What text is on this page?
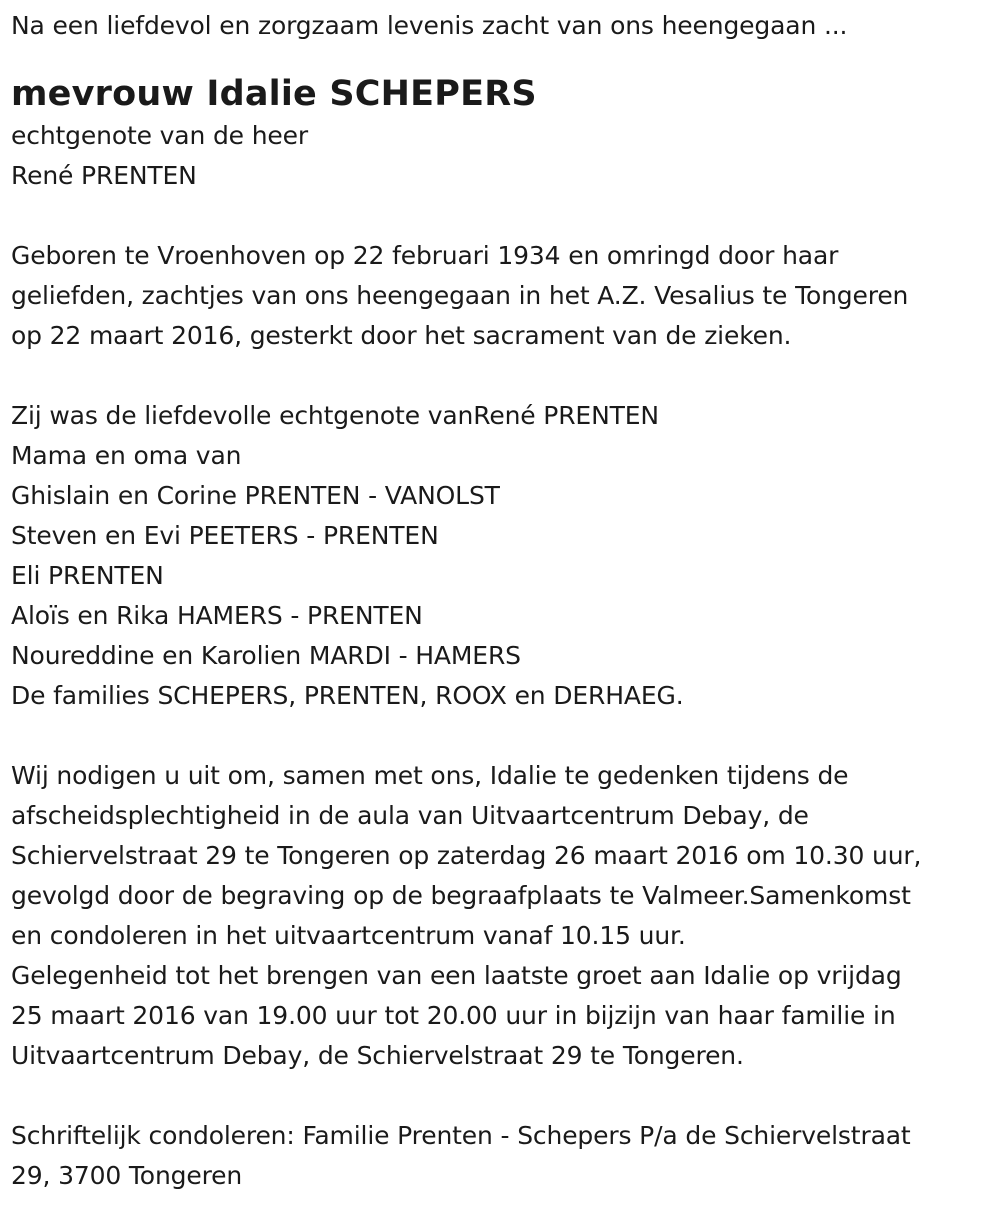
Na een liefdevol en zorgzaam levenis zacht van ons heengegaan ...

mevrouw Idalie SCHEPERS
echtgenote van de heer
René PRENTEN
Geboren te Vroenhoven op 22 februari 1934 en omringd door haar
geliefden, zachtjes van ons heengegaan in het A.Z. Vesalius te Tongeren
op 22 maart 2016, gesterkt door het sacrament van de zieken.
Zij was de liefdevolle echtgenote vanRené PRENTEN
Mama en oma van
Ghislain en Corine PRENTEN - VANOLST
Steven en Evi PEETERS - PRENTEN
Eli PRENTEN
Aloïs en Rika HAMERS - PRENTEN
Noureddine en Karolien MARDI - HAMERS
De families SCHEPERS, PRENTEN, ROOX en DERHAEG.
Wij nodigen u uit om, samen met ons, Idalie te gedenken tijdens de
afscheidsplechtigheid in de aula van Uitvaartcentrum Debay, de
Schiervelstraat 29 te Tongeren op zaterdag 26 maart 2016 om 10.30 uur,
gevolgd door de begraving op de begraafplaats te Valmeer.Samenkomst
en condoleren in het uitvaartcentrum vanaf 10.15 uur.
Gelegenheid tot het brengen van een laatste groet aan Idalie op vrijdag
25 maart 2016 van 19.00 uur tot 20.00 uur in bijzijn van haar familie in
Uitvaartcentrum Debay, de Schiervelstraat 29 te Tongeren.
Schriftelijk condoleren: Familie Prenten - Schepers P/a de Schiervelstraat
29, 3700 Tongeren
